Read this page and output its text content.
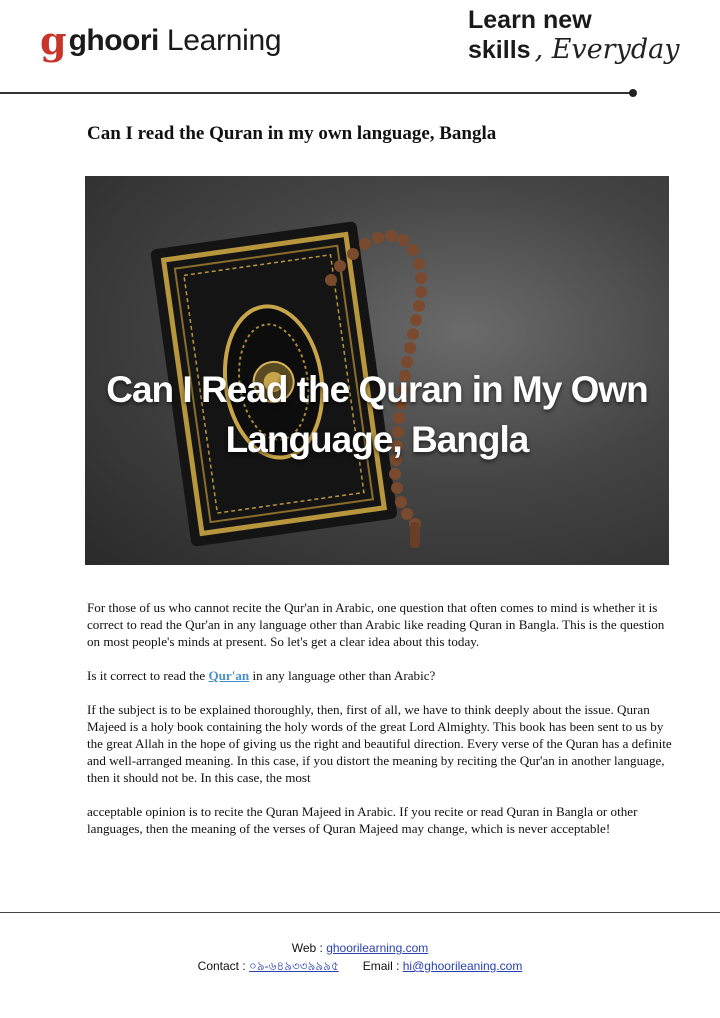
g ghoori Learning
Learn new
skills , Everyday
Can I read the Quran in my own language, Bangla
Can I Read the Quran in My Own
Language, Bangla

For those of us who cannot recite the Qur'an in Arabic, one question that often comes to mind is whether it is correct to read the Qur'an in any language other than Arabic like reading Quran in Bangla. This is the question on most people's minds at present. So let's get a clear idea about this today.

Is it correct to read the Qur'an in any language other than Arabic?

If the subject is to be explained thoroughly, then, first of all, we have to think deeply about the issue. Quran Majeed is a holy book containing the holy words of the great Lord Almighty. This book has been sent to us by the great Allah in the hope of giving us the right and beautiful direction. Every verse of the Quran has a definite and well-arranged meaning. In this case, if you distort the meaning by reciting the Qur'an in another language, then it should not be. In this case, the most

acceptable opinion is to recite the Quran Majeed in Arabic. If you recite or read Quran in Bangla or other languages, then the meaning of the verses of Quran Majeed may change, which is never acceptable!

Web : ghoorilearning.com
Contact : ০৯-৬৪৯৩৩৯৯৯৫ Email : hi@ghoorileaning.com
